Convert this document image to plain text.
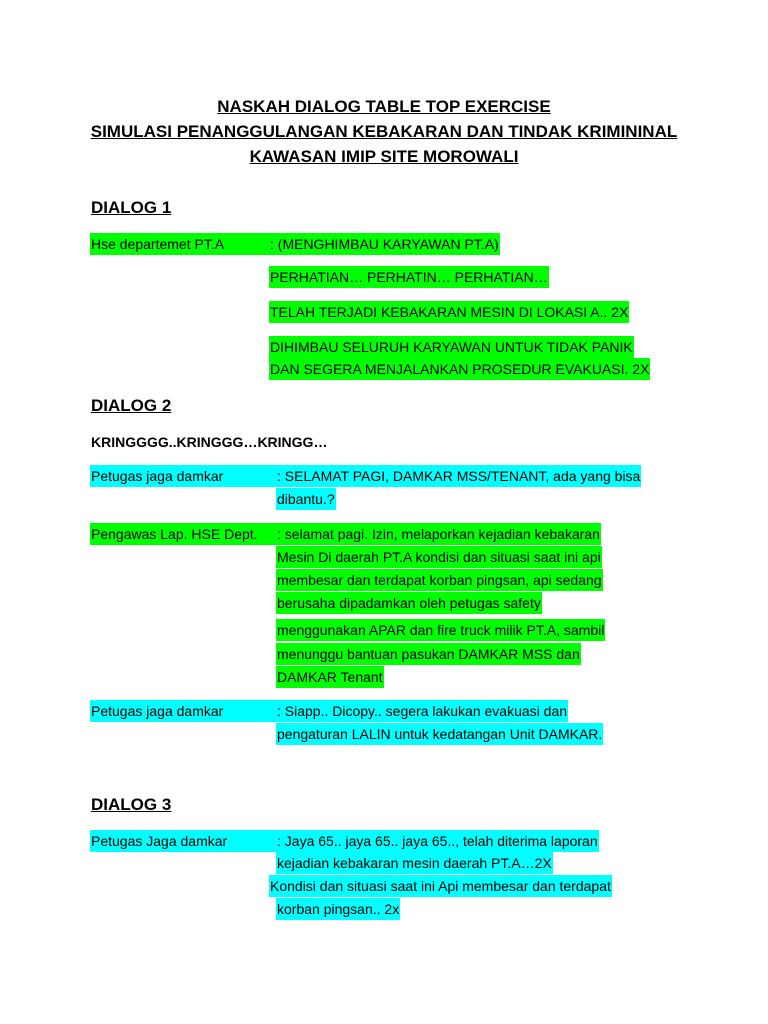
NASKAH DIALOG TABLE TOP EXERCISE
SIMULASI PENANGGULANGAN KEBAKARAN DAN TINDAK KRIMININAL
KAWASAN IMIP SITE MOROWALI
DIALOG 1
Hse departemet PT.A	: (MENGHIMBAU KARYAWAN PT.A)
PERHATIAN… PERHATIN… PERHATIAN…
TELAH TERJADI KEBAKARAN MESIN DI LOKASI A.. 2X
DIHIMBAU SELURUH KARYAWAN UNTUK TIDAK PANIK
DAN SEGERA MENJALANKAN PROSEDUR EVAKUASI. 2X
DIALOG 2
KRINGGGG..KRINGGG…KRINGG…
Petugas jaga damkar	: SELAMAT PAGI, DAMKAR MSS/TENANT, ada yang bisa
dibantu.?
Pengawas Lap. HSE Dept.	: selamat pagi. Izin, melaporkan kejadian kebakaran
Mesin Di daerah PT.A kondisi dan situasi saat ini api
membesar dan terdapat korban pingsan, api sedang
berusaha dipadamkan oleh petugas safety
menggunakan APAR dan fire truck milik PT.A, sambil
menunggu bantuan pasukan DAMKAR MSS dan
DAMKAR Tenant
Petugas jaga damkar	: Siapp.. Dicopy.. segera lakukan evakuasi dan
pengaturan LALIN untuk kedatangan Unit DAMKAR.
DIALOG 3
Petugas Jaga damkar	: Jaya 65.. jaya 65.. jaya 65.., telah diterima laporan
kejadian kebakaran mesin daerah PT.A…2X
Kondisi dan situasi saat ini Api membesar dan terdapat
korban pingsan.. 2x
